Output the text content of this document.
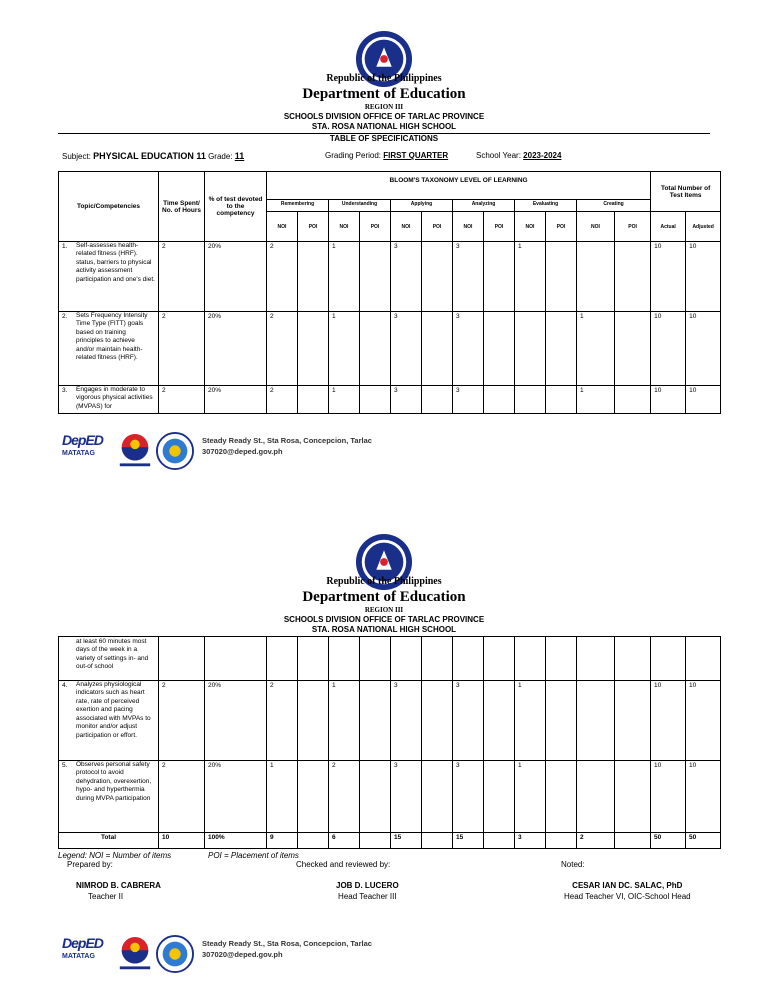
Republic of the Philippines
Department of Education
REGION III
SCHOOLS DIVISION OFFICE OF TARLAC PROVINCE
STA. ROSA NATIONAL HIGH SCHOOL
TABLE OF SPECIFICATIONS
Subject: PHYSICAL EDUCATION 11 Grade: 11	Grading Period: FIRST QUARTER	School Year: 2023-2024
Topic/Competencies	Time Spent/ No. of Hours	% of test devoted to the competency	BLOOM'S TAXONOMY LEVEL OF LEARNING												Total Number of Test Items	
			Remembering		Understanding		Applying		Analyzing		Evaluating		Creating			
			NOI	POI	NOI	POI	NOI	POI	NOI	POI	NOI	POI	NOI	POI	Actual	Adjusted
1. Self-assesses health-related fitness (HRF). status, barriers to physical activity assessment participation and one's diet.	2	20%	2		1		3		3		1				10	10
2. Sets Frequency Intensity Time Type (FITT) goals based on training principles to achieve and/or maintain health-related fitness (HRF).	2	20%	2		1		3		3				1		10	10
3. Engages in moderate to vigorous physical activities (MVPAS) for	2	20%	2		1		3		3				1		10	10
DepED
MATATAG
Steady Ready St., Sta Rosa, Concepcion, Tarlac
307020@deped.gov.ph
Republic of the Philippines
Department of Education
REGION III
SCHOOLS DIVISION OFFICE OF TARLAC PROVINCE
STA. ROSA NATIONAL HIGH SCHOOL
at least 60 minutes most days of the week in a variety of settings in- and out-of school																

4. Analyzes physiological indicators such as heart rate, rate of perceived exertion and pacing associated with MVPAs to monitor and/or adjust participation or effort.	2	20%	2		1		3		3		1				10	10
5. Observes personal safety protocol to avoid dehydration, overexertion, hypo- and hyperthermia during MVPA participation	2	20%	1		2		3		3		1				10	10
Total	10	100%	9		6		15		15		3		2		50	50
Legend: NOI = Number of items	POI = Placement of items
Prepared by:	Checked and reviewed by:	Noted:
NIMROD B. CABRERA
Teacher II
JOB D. LUCERO
Head Teacher III
CESAR IAN DC. SALAC, PhD
Head Teacher VI, OIC-School Head
DepED
MATATAG
Steady Ready St., Sta Rosa, Concepcion, Tarlac
307020@deped.gov.ph
